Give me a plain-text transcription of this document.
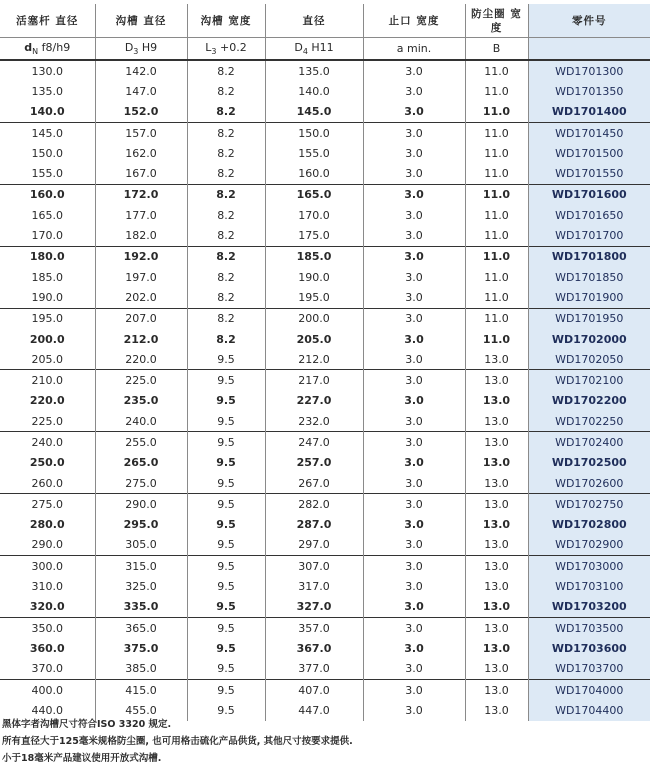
活塞杆 直径	沟槽 直径	沟槽 宽度	直径	止口 宽度	防尘圈 宽度	零件号
$d_N$ f8/h9	$D_3$ H9	$L_3 +0.2$	$D_4$ H11	a min.	B	
130.0	142.0	8.2	135.0	3.0	11.0	WD1701300
135.0	147.0	8.2	140.0	3.0	11.0	WD1701350
140.0	152.0	8.2	145.0	3.0	11.0	WD1701400
145.0	157.0	8.2	150.0	3.0	11.0	WD1701450
150.0	162.0	8.2	155.0	3.0	11.0	WD1701500
155.0	167.0	8.2	160.0	3.0	11.0	WD1701550
160.0	172.0	8.2	165.0	3.0	11.0	WD1701600
165.0	177.0	8.2	170.0	3.0	11.0	WD1701650
170.0	182.0	8.2	175.0	3.0	11.0	WD1701700
180.0	192.0	8.2	185.0	3.0	11.0	WD1701800
185.0	197.0	8.2	190.0	3.0	11.0	WD1701850
190.0	202.0	8.2	195.0	3.0	11.0	WD1701900
195.0	207.0	8.2	200.0	3.0	11.0	WD1701950
200.0	212.0	8.2	205.0	3.0	11.0	WD1702000
205.0	220.0	9.5	212.0	3.0	13.0	WD1702050
210.0	225.0	9.5	217.0	3.0	13.0	WD1702100
220.0	235.0	9.5	227.0	3.0	13.0	WD1702200
225.0	240.0	9.5	232.0	3.0	13.0	WD1702250
240.0	255.0	9.5	247.0	3.0	13.0	WD1702400
250.0	265.0	9.5	257.0	3.0	13.0	WD1702500
260.0	275.0	9.5	267.0	3.0	13.0	WD1702600
275.0	290.0	9.5	282.0	3.0	13.0	WD1702750
280.0	295.0	9.5	287.0	3.0	13.0	WD1702800
290.0	305.0	9.5	297.0	3.0	13.0	WD1702900
300.0	315.0	9.5	307.0	3.0	13.0	WD1703000
310.0	325.0	9.5	317.0	3.0	13.0	WD1703100
320.0	335.0	9.5	327.0	3.0	13.0	WD1703200
350.0	365.0	9.5	357.0	3.0	13.0	WD1703500
360.0	375.0	9.5	367.0	3.0	13.0	WD1703600
370.0	385.0	9.5	377.0	3.0	13.0	WD1703700
400.0	415.0	9.5	407.0	3.0	13.0	WD1704000
440.0	455.0	9.5	447.0	3.0	13.0	WD1704400
黑体字者沟槽尺寸符合ISO 3320 规定.
所有直径大于125毫米规格防尘圈, 也可用格击硫化产品供货, 其他尺寸按要求提供.
小于18毫米产品建议使用开放式沟槽.
